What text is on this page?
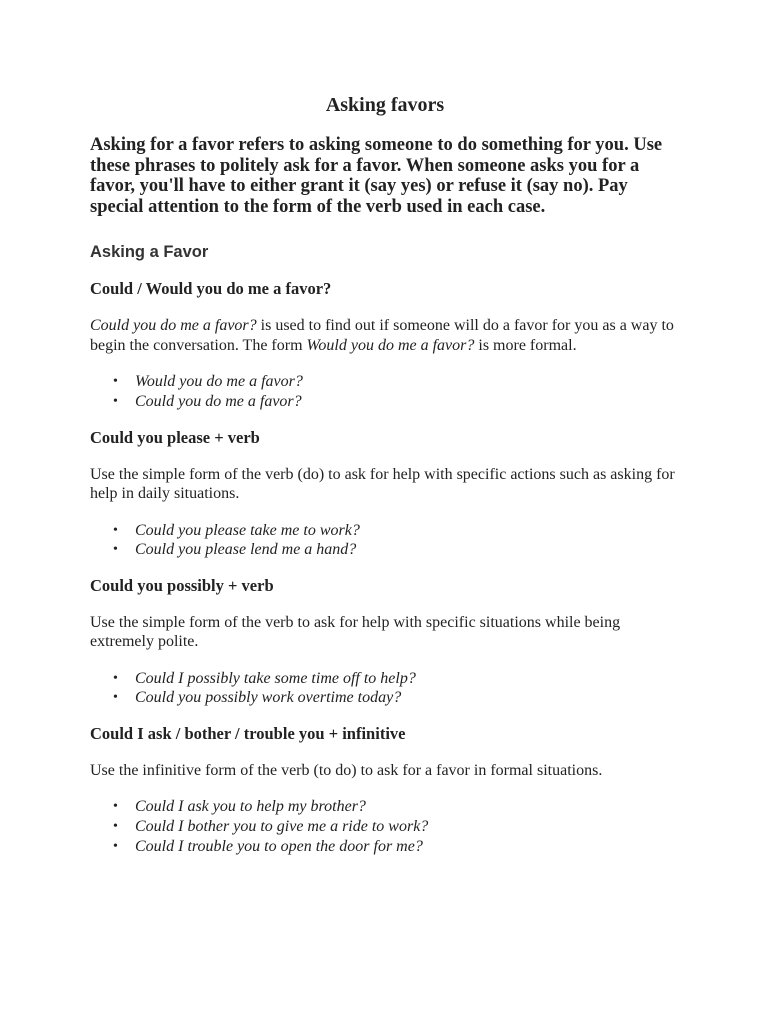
Asking favors

Asking for a favor refers to asking someone to do something for you. Use these phrases to politely ask for a favor. When someone asks you for a favor, you'll have to either grant it (say yes) or refuse it (say no). Pay special attention to the form of the verb used in each case.

Asking a Favor
Could / Would you do me a favor?

Could you do me a favor? is used to find out if someone will do a favor for you as a way to begin the conversation. The form Would you do me a favor? is more formal.

• Would you do me a favor?
• Could you do me a favor?
Could you please + verb

Use the simple form of the verb (do) to ask for help with specific actions such as asking for help in daily situations.

• Could you please take me to work?
• Could you please lend me a hand?
Could you possibly + verb

Use the simple form of the verb to ask for help with specific situations while being extremely polite.

• Could I possibly take some time off to help?
• Could you possibly work overtime today?
Could I ask / bother / trouble you + infinitive

Use the infinitive form of the verb (to do) to ask for a favor in formal situations.

• Could I ask you to help my brother?
• Could I bother you to give me a ride to work?
• Could I trouble you to open the door for me?
